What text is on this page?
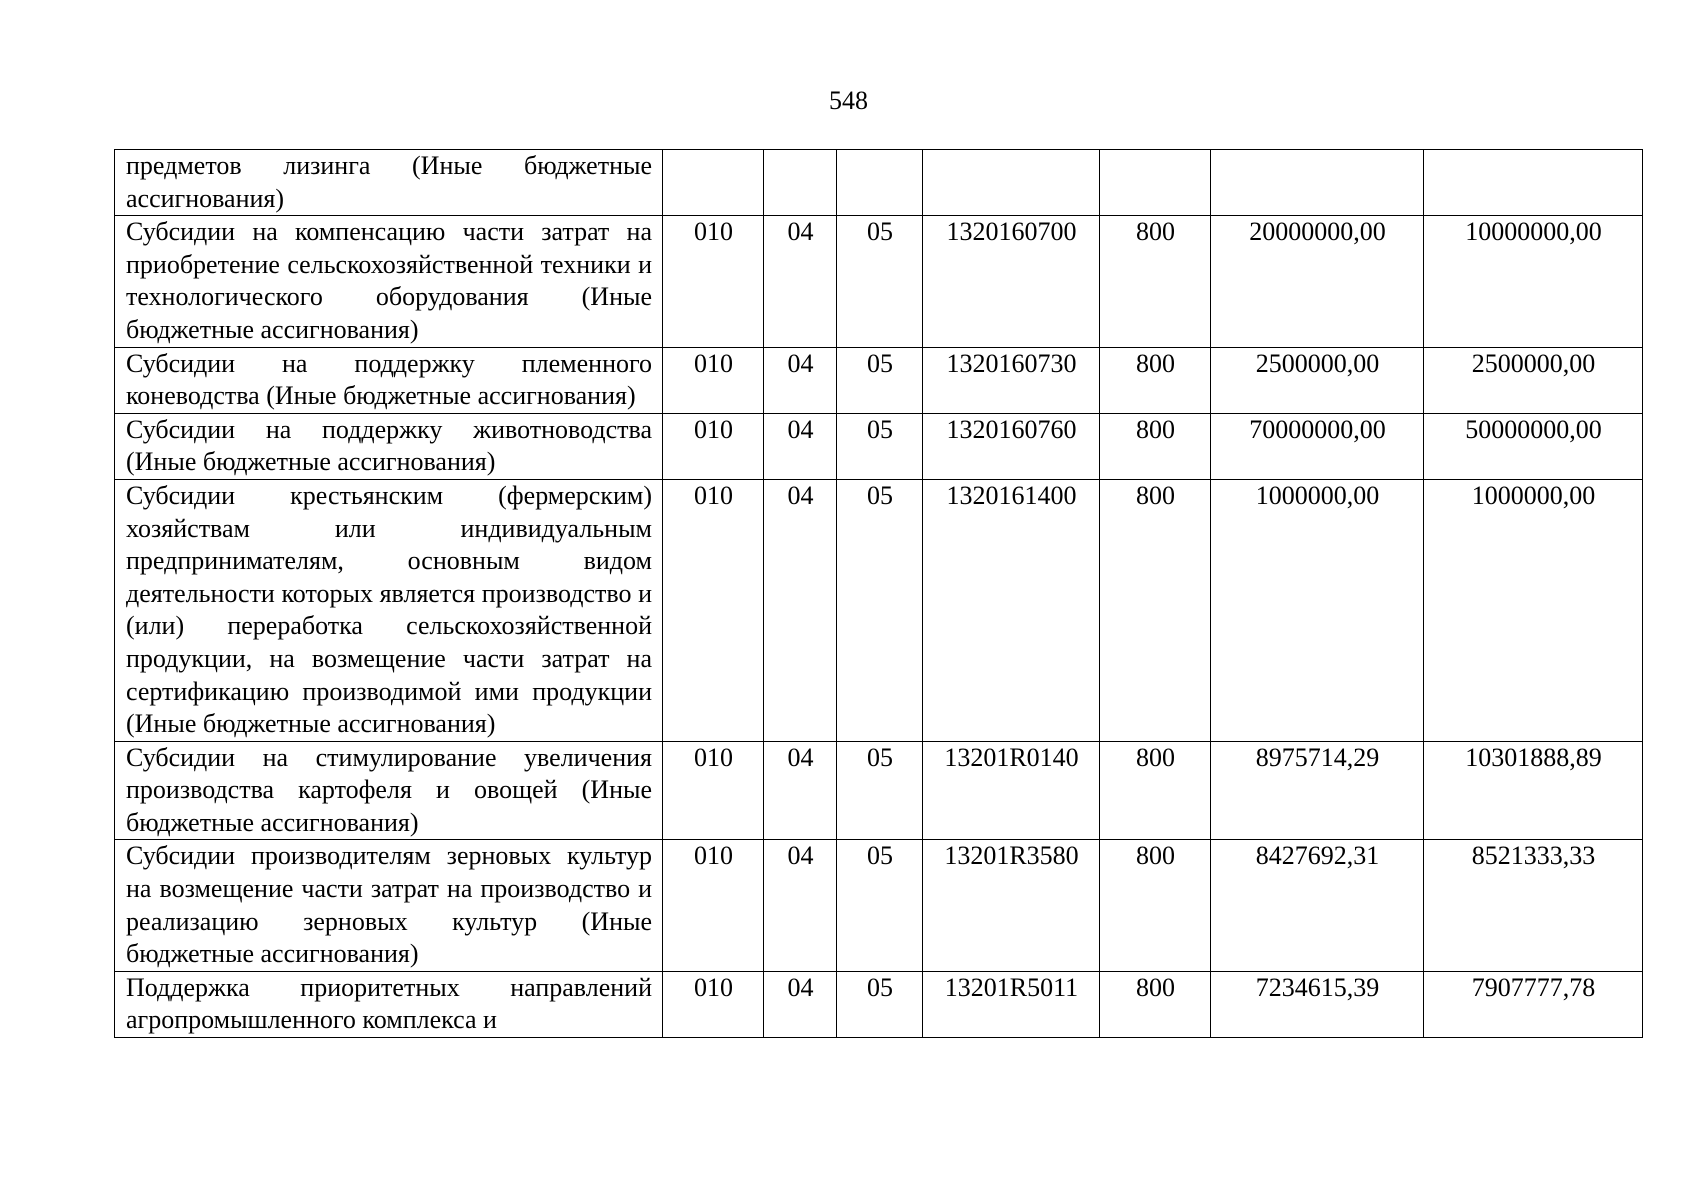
548
предметов лизинга (Иные бюджетные ассигнования)							
Субсидии на компенсацию части затрат на приобретение сельскохозяйственной техники и технологического оборудования (Иные бюджетные ассигнования)	010	04	05	1320160700	800	20000000,00	10000000,00
Субсидии на поддержку племенного коневодства (Иные бюджетные ассигнования)	010	04	05	1320160730	800	2500000,00	2500000,00
Субсидии на поддержку животноводства (Иные бюджетные ассигнования)	010	04	05	1320160760	800	70000000,00	50000000,00
Субсидии крестьянским (фермерским) хозяйствам или индивидуальным предпринимателям, основным видом деятельности которых является производство и (или) переработка сельскохозяйственной продукции, на возмещение части затрат на сертификацию производимой ими продукции (Иные бюджетные ассигнования)	010	04	05	1320161400	800	1000000,00	1000000,00
Субсидии на стимулирование увеличения производства картофеля и овощей (Иные бюджетные ассигнования)	010	04	05	13201R0140	800	8975714,29	10301888,89
Субсидии производителям зерновых культур на возмещение части затрат на производство и реализацию зерновых культур (Иные бюджетные ассигнования)	010	04	05	13201R3580	800	8427692,31	8521333,33
Поддержка приоритетных направлений агропромышленного комплекса и	010	04	05	13201R5011	800	7234615,39	7907777,78
